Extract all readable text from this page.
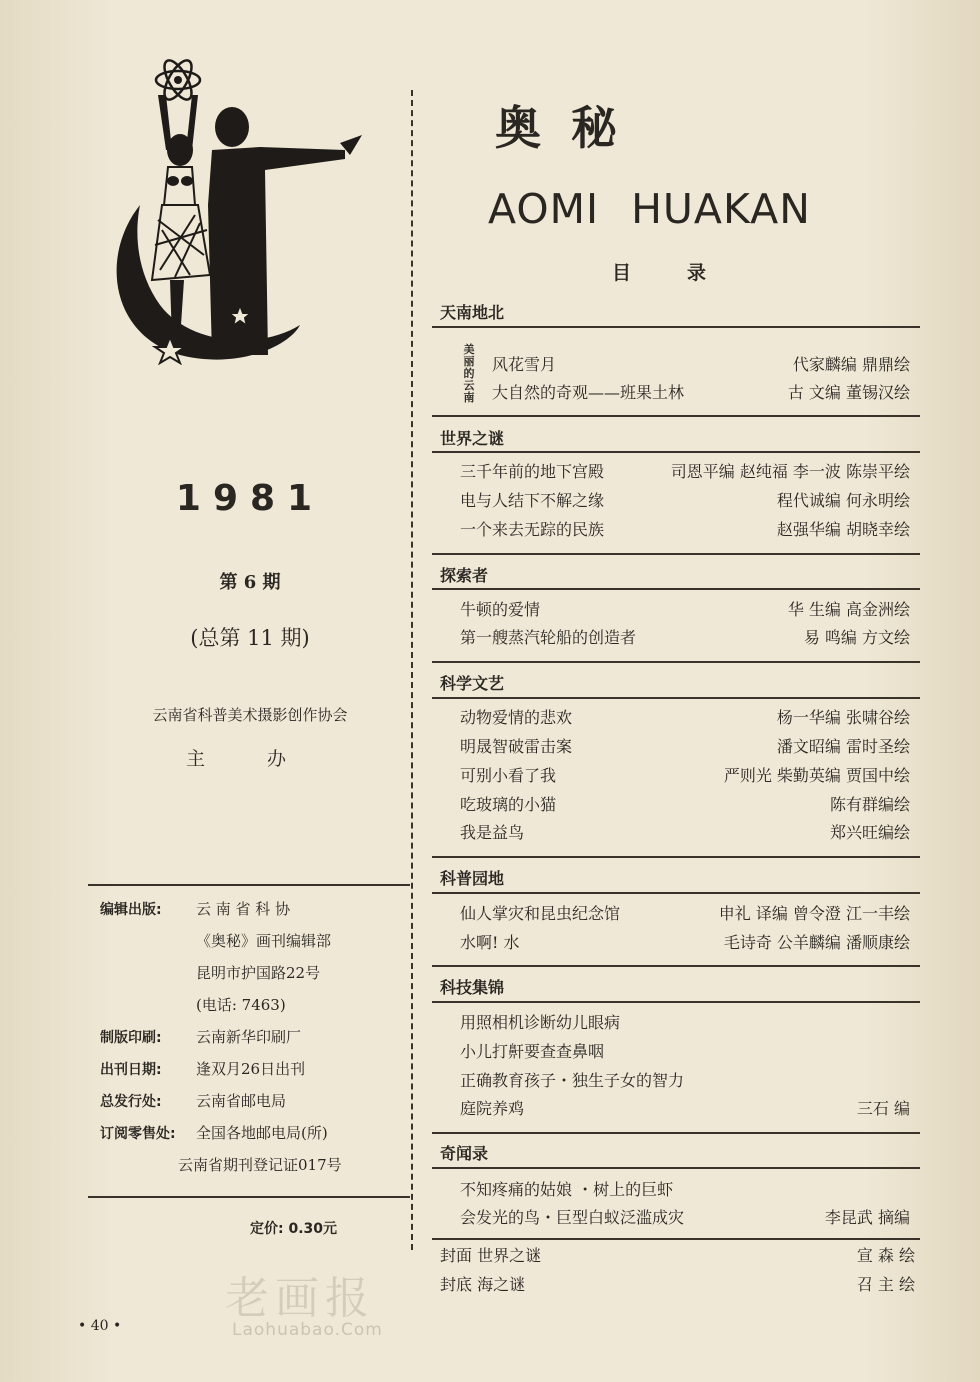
1981
第 6 期
(总第 11 期)
云南省科普美术摄影创作协会
主 办
编辑出版: 云 南 省 科 协
《奥秘》画刊编辑部
昆明市护国路22号
(电话: 7463)
制版印刷: 云南新华印刷厂
出刊日期: 逢双月26日出刊
总发行处: 云南省邮电局
订阅零售处: 全国各地邮电局(所)
云南省期刊登记证017号
定价: 0.30元
• 40 •
奥秘
AOMI HUAKAN
目录
天南地北
美丽的云南
风花雪月	代家麟编 鼎鼎绘
大自然的奇观——班果土林	古 文编 董锡汉绘
世界之谜
三千年前的地下宫殿	司恩平编 赵纯福 李一波 陈崇平绘
电与人结下不解之缘	程代诚编 何永明绘
一个来去无踪的民族	赵强华编 胡晓幸绘
探索者
牛顿的爱情	华 生编 高金洲绘
第一艘蒸汽轮船的创造者	易 鸣编 方文绘
科学文艺
动物爱情的悲欢	杨一华编 张啸谷绘
明晟智破雷击案	潘文昭编 雷时圣绘
可别小看了我	严则光 柴勤英编 贾国中绘
吃玻璃的小猫	陈有群编绘
我是益鸟	郑兴旺编绘
科普园地
仙人掌灾和昆虫纪念馆	申礼 译编 曾令澄 江一丰绘
水啊! 水	毛诗奇 公羊麟编 潘顺康绘
科技集锦
用照相机诊断幼儿眼病
小儿打鼾要查查鼻咽
正确教育孩子・独生子女的智力
庭院养鸡	三石 编
奇闻录
不知疼痛的姑娘 ・树上的巨虾
会发光的鸟・巨型白蚁泛滥成灾	李昆武 摘编
封面 世界之谜	宣 森 绘
封底 海之谜	召 主 绘
老画报
Laohuabao.Com
